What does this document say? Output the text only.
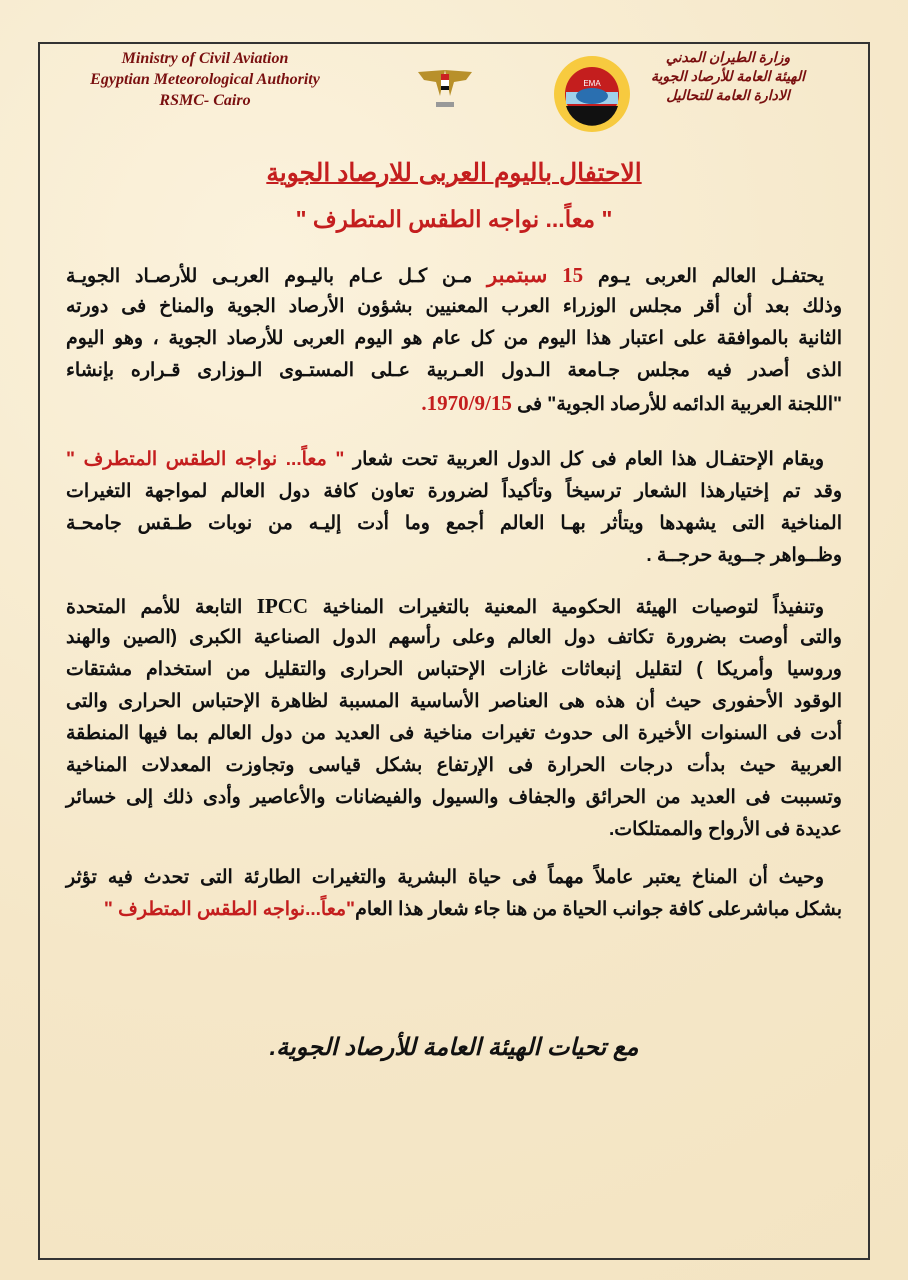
Ministry of Civil Aviation
Egyptian Meteorological Authority
RSMC- Cairo
EMA
وزارة الطيران المدني
الهيئة العامة للأرصاد الجوية
الادارة العامة للتحاليل
الاحتفال باليوم العربى للارصاد الجوية
" معاً... نواجه الطقس المتطرف "
يحتفـل العالم العربى يـوم 15 سبتمبر مـن كـل عـام باليـوم العربـى للأرصـاد الجويـة
وذلك بعد أن أقر مجلس الوزراء العرب المعنيين بشؤون الأرصاد الجوية والمناخ فى دورته
الثانية بالموافقة على اعتبار هذا اليوم من كل عام هو اليوم العربى للأرصاد الجوية ، وهو اليوم
الذى أصدر فيه مجلس جـامعة الـدول العـربية عـلى المستـوى الـوزارى قـراره بإنشاء
"اللجنة العربية الدائمه للأرصاد الجوية" فى 1970/9/15.
ويقام الإحتفـال هذا العام فى كل الدول العربية تحت شعار " معاً... نواجه الطقس المتطرف "
وقد تم إختيارهذا الشعار ترسيخاً وتأكيداً لضرورة تعاون كافة دول العالم لمواجهة التغيرات
المناخية التى يشهدها ويتأثر بهـا العالم أجمع وما أدت إليـه من نوبات طـقس جامحـة
وظــواهر جــوية حرجــة .
وتنفيذاً لتوصيات الهيئة الحكومية المعنية بالتغيرات المناخية IPCC التابعة للأمم المتحدة
والتى أوصت بضرورة تكاتف دول العالم وعلى رأسهم الدول الصناعية الكبرى (الصين والهند
وروسيا وأمريكا ) لتقليل إنبعاثات غازات الإحتباس الحرارى والتقليل من استخدام مشتقات
الوقود الأحفورى حيث أن هذه هى العناصر الأساسية المسببة لظاهرة الإحتباس الحرارى والتى
أدت فى السنوات الأخيرة الى حدوث تغيرات مناخية فى العديد من دول العالم بما فيها المنطقة
العربية حيث بدأت درجات الحرارة فى الإرتفاع بشكل قياسى وتجاوزت المعدلات المناخية
وتسببت فى العديد من الحرائق والجفاف والسيول والفيضانات والأعاصير وأدى ذلك إلى خسائر
عديدة فى الأرواح والممتلكات.
وحيث أن المناخ يعتبر عاملاً مهماً فى حياة البشرية والتغيرات الطارئة التى تحدث فيه تؤثر
بشكل مباشرعلى كافة جوانب الحياة من هنا جاء شعار هذا العام"معاً...نواجه الطقس المتطرف "
مع تحيات الهيئة العامة للأرصاد الجوية.
